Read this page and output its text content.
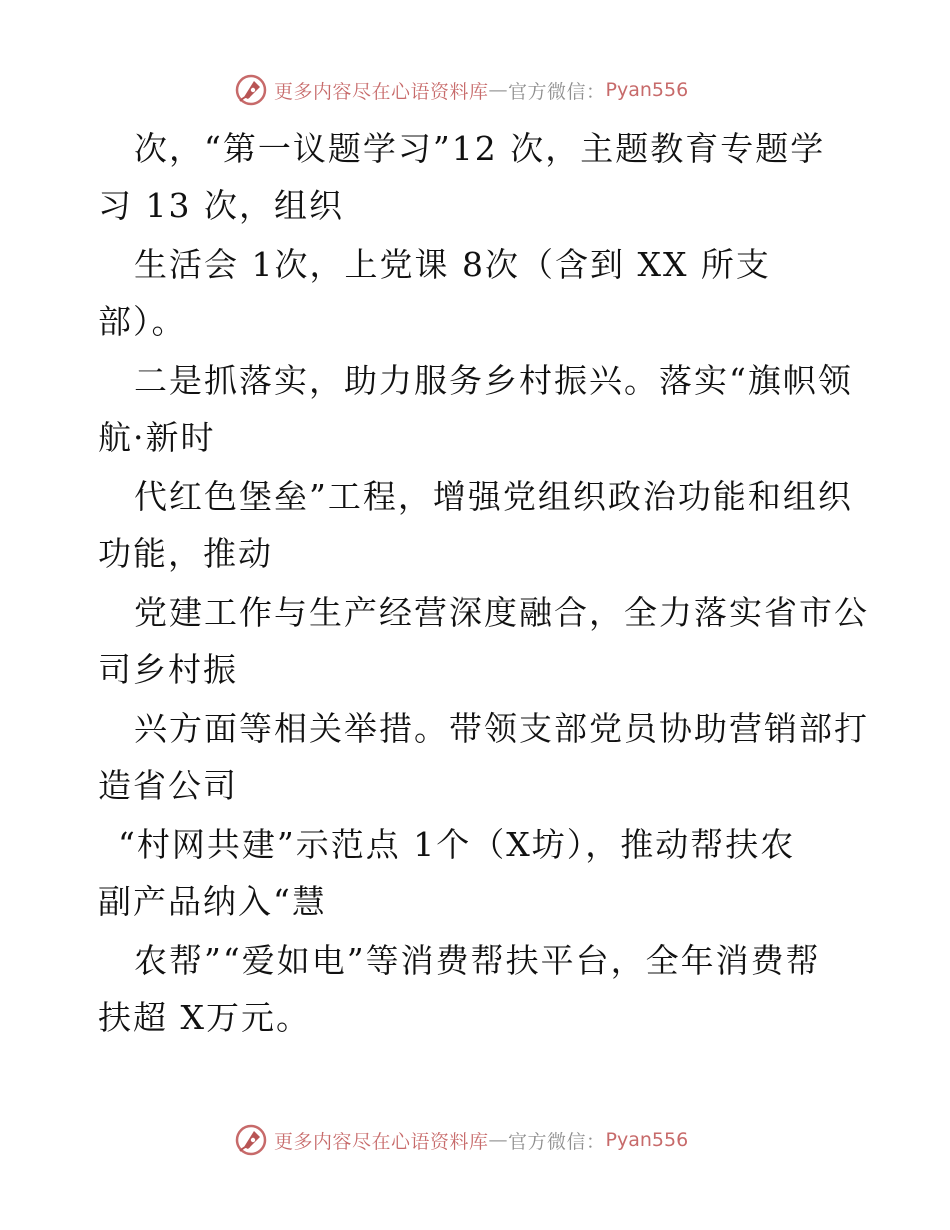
更多内容尽在心语资料库 — 官方微信： Pyan556
次，“第一议题学习”12 次，主题教育专题学
习 13 次，组织
生活会 1次，上党课 8次（含到 XX 所支
部）。
二是抓落实，助力服务乡村振兴。落实“旗帜领
航·新时
代红色堡垒”工程，增强党组织政治功能和组织
功能，推动
党建工作与生产经营深度融合，全力落实省市公
司乡村振
兴方面等相关举措。带领支部党员协助营销部打
造省公司
“村网共建”示范点 1个（X坊），推动帮扶农
副产品纳入“慧
农帮”“爱如电”等消费帮扶平台，全年消费帮
扶超 X万元。
更多内容尽在心语资料库 — 官方微信： Pyan556
